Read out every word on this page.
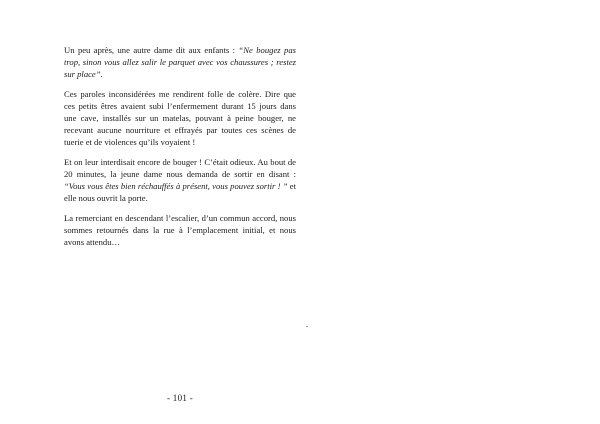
Un peu après, une autre dame dit aux enfants : “Ne bougez pas trop, sinon vous allez salir le parquet avec vos chaussures ; restez sur place”.

Ces paroles inconsidérées me rendirent folle de colère. Dire que ces petits êtres avaient subi l’enfermement durant 15 jours dans une cave, installés sur un matelas, pouvant à peine bouger, ne recevant aucune nourriture et effrayés par toutes ces scènes de tuerie et de violences qu’ils voyaient !

Et on leur interdisait encore de bouger ! C’était odieux. Au bout de 20 minutes, la jeune dame nous demanda de sortir en disant : “Vous vous êtes bien réchauffés à présent, vous pouvez sortir ! ” et elle nous ouvrit la porte.

La remerciant en descendant l’escalier, d’un commun accord, nous sommes retournés dans la rue à l’emplacement initial, et nous avons attendu…

- 101 -
